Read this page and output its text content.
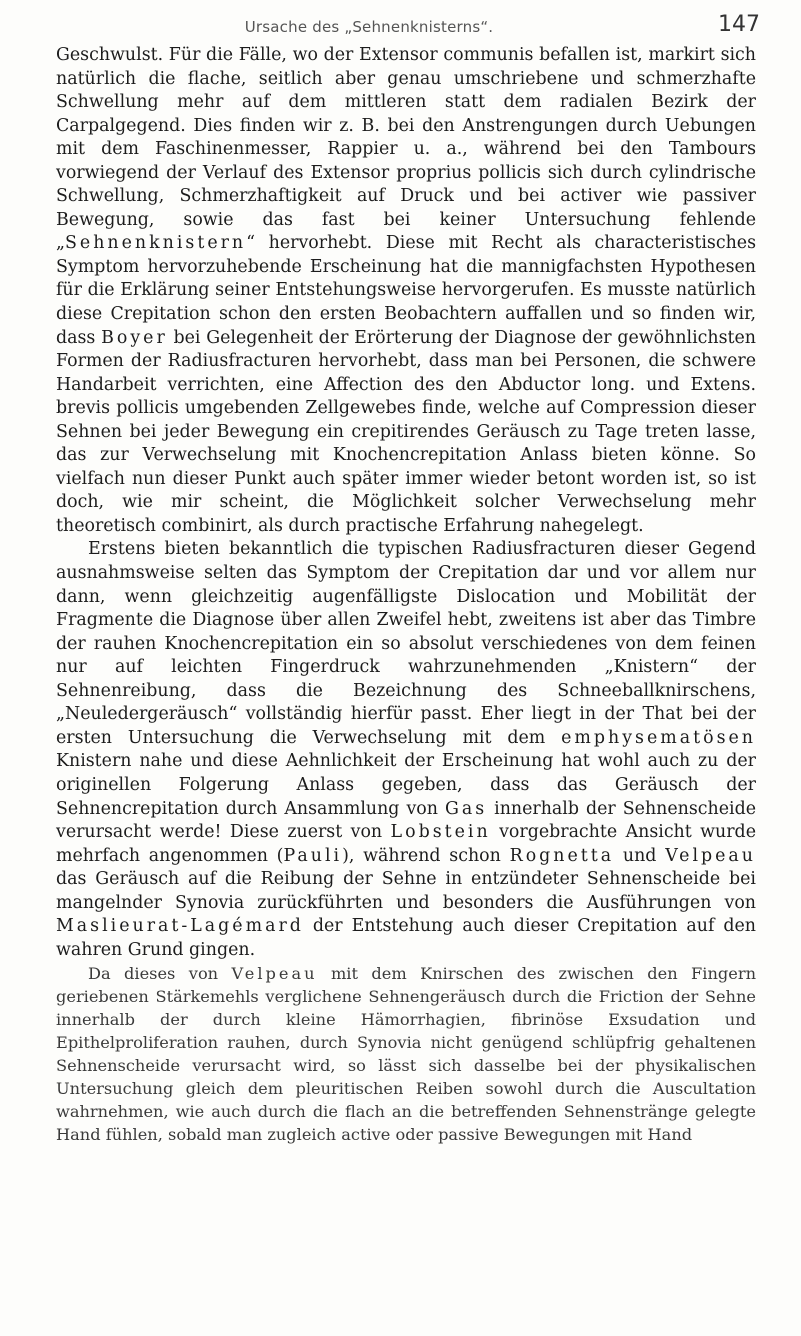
Ursache des „Sehnenknisterns“.	147

Geschwulst. Für die Fälle, wo der Extensor communis befallen ist, markirt sich natürlich die flache, seitlich aber genau umschriebene und schmerzhafte Schwellung mehr auf dem mittleren statt dem radialen Bezirk der Carpalgegend. Dies finden wir z. B. bei den Anstrengungen durch Uebungen mit dem Faschinenmesser, Rappier u. a., während bei den Tambours vorwiegend der Verlauf des Extensor proprius pollicis sich durch cylindrische Schwellung, Schmerzhaftigkeit auf Druck und bei activer wie passiver Bewegung, sowie das fast bei keiner Untersuchung fehlende „Sehnenknistern“ hervorhebt. Diese mit Recht als characteristisches Symptom hervorzuhebende Erscheinung hat die mannigfachsten Hypothesen für die Erklärung seiner Entstehungsweise hervorgerufen. Es musste natürlich diese Crepitation schon den ersten Beobachtern auffallen und so finden wir, dass Boyer bei Gelegenheit der Erörterung der Diagnose der gewöhnlichsten Formen der Radiusfracturen hervorhebt, dass man bei Personen, die schwere Handarbeit verrichten, eine Affection des den Abductor long. und Extens. brevis pollicis umgebenden Zellgewebes finde, welche auf Compression dieser Sehnen bei jeder Bewegung ein crepitirendes Geräusch zu Tage treten lasse, das zur Verwechselung mit Knochencrepitation Anlass bieten könne. So vielfach nun dieser Punkt auch später immer wieder betont worden ist, so ist doch, wie mir scheint, die Möglichkeit solcher Verwechselung mehr theoretisch combinirt, als durch practische Erfahrung nahegelegt.

Erstens bieten bekanntlich die typischen Radiusfracturen dieser Gegend ausnahmsweise selten das Symptom der Crepitation dar und vor allem nur dann, wenn gleichzeitig augenfälligste Dislocation und Mobilität der Fragmente die Diagnose über allen Zweifel hebt, zweitens ist aber das Timbre der rauhen Knochencrepitation ein so absolut verschiedenes von dem feinen nur auf leichten Fingerdruck wahrzunehmenden „Knistern“ der Sehnenreibung, dass die Bezeichnung des Schneeballknirschens, „Neuledergeräusch“ vollständig hierfür passt. Eher liegt in der That bei der ersten Untersuchung die Verwechselung mit dem emphysematösen Knistern nahe und diese Aehnlichkeit der Erscheinung hat wohl auch zu der originellen Folgerung Anlass gegeben, dass das Geräusch der Sehnencrepitation durch Ansammlung von Gas innerhalb der Sehnenscheide verursacht werde! Diese zuerst von Lobstein vorgebrachte Ansicht wurde mehrfach angenommen (Pauli), während schon Rognetta und Velpeau das Geräusch auf die Reibung der Sehne in entzündeter Sehnenscheide bei mangelnder Synovia zurückführten und besonders die Ausführungen von Maslieurat-Lagémard der Entstehung auch dieser Crepitation auf den wahren Grund gingen.

Da dieses von Velpeau mit dem Knirschen des zwischen den Fingern geriebenen Stärkemehls verglichene Sehnengeräusch durch die Friction der Sehne innerhalb der durch kleine Hämorrhagien, fibrinöse Exsudation und Epithelproliferation rauhen, durch Synovia nicht genügend schlüpfrig gehaltenen Sehnenscheide verursacht wird, so lässt sich dasselbe bei der physikalischen Untersuchung gleich dem pleuritischen Reiben sowohl durch die Auscultation wahrnehmen, wie auch durch die flach an die betreffenden Sehnenstränge gelegte Hand fühlen, sobald man zugleich active oder passive Bewegungen mit Hand
